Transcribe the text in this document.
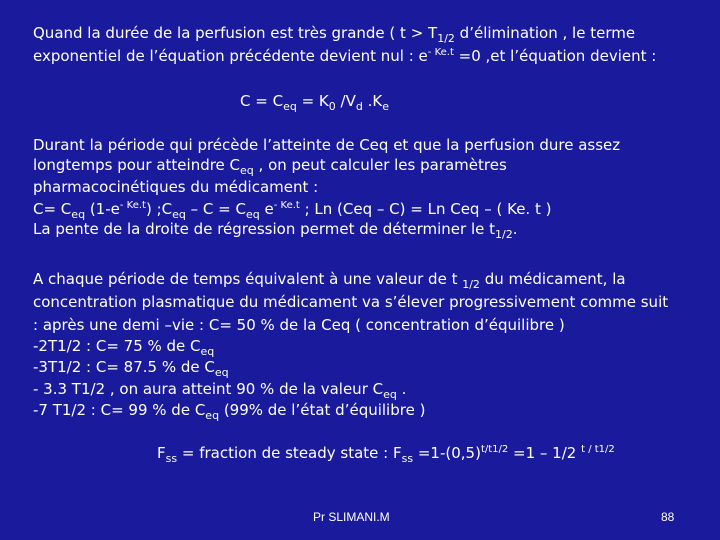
Quand la durée de la perfusion est très grande ( $t > T_{1/2}$ d’élimination , le terme
exponentiel de l’équation précédente devient nul : $e^{- Ke.t} =0$ ,et l’équation devient :
$C = C_{eq} = K_0$ $/V_d$ $.K_e$
Durant la période qui précède l’atteinte de Ceq et que la perfusion dure assez
longtemps pour atteindre $C_{eq}$ , on peut calculer les paramètres
pharmacocinétiques du médicament :
$C= C_{eq}$ $(1-e^{- Ke.t})$ $;C_{eq} - C = C_{eq}$ $e^{- Ke.t}$ ; Ln (Ceq – C) = Ln Ceq – ( Ke. t )
La pente de la droite de régression permet de déterminer le $t_{1/2}$.
A chaque période de temps équivalent à une valeur de t $_{1/2}$ du médicament, la
concentration plasmatique du médicament va s’élever progressivement comme suit
: après une demi –vie : C= 50 % de la Ceq ( concentration d’équilibre )
-2T1/2 : C= 75 % de $C_{eq}$
-3T1/2 : C= 87.5 % de $C_{eq}$
- 3.3 T1/2 , on aura atteint 90 % de la valeur $C_{eq}$ .
-7 T1/2 : C= 99 % de $C_{eq}$ (99% de l’état d’équilibre )
$F_{ss}$ = fraction de steady state : $F_{ss} =1-(0,5)^{t/t1/2} =1 - 1/2$ $^{t / t1/2}$
Pr SLIMANI.M	88
